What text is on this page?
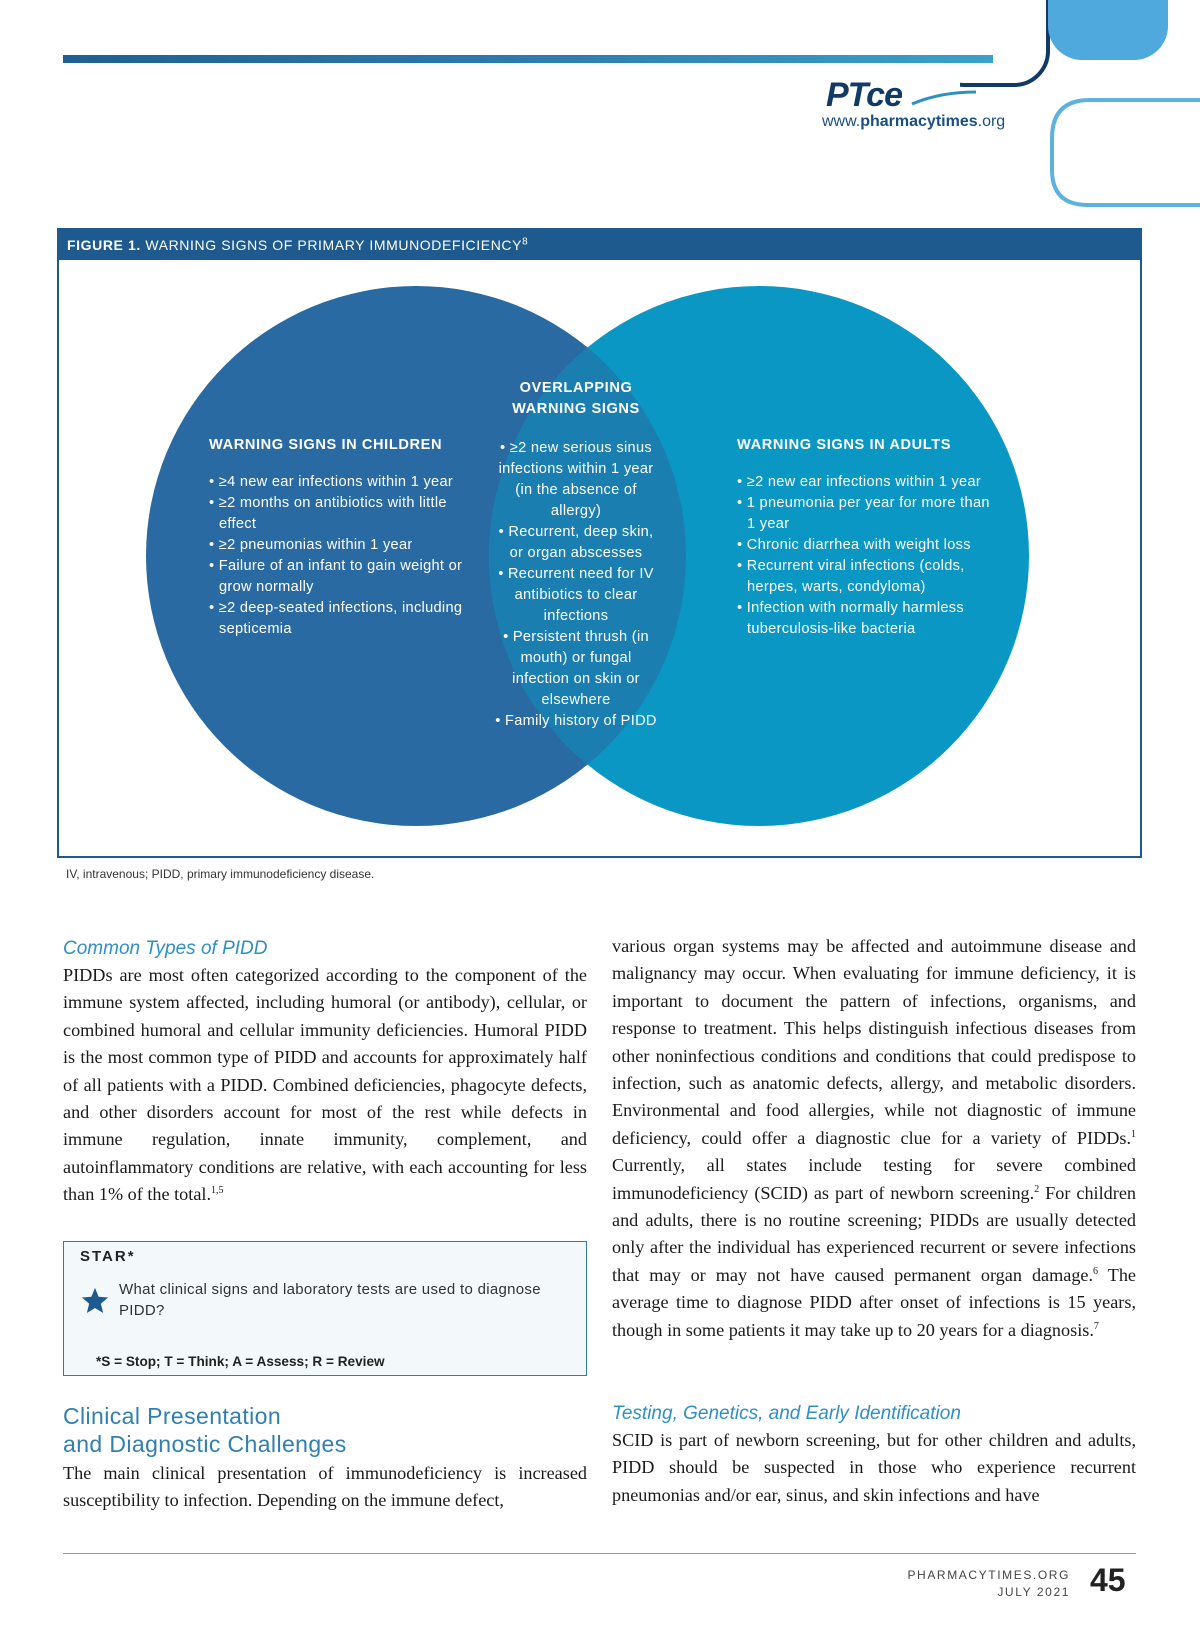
PTce
www.pharmacytimes.org
FIGURE 1. WARNING SIGNS OF PRIMARY IMMUNODEFICIENCY$^8$
WARNING SIGNS IN CHILDREN
• ≥4 new ear infections within 1 year
• ≥2 months on antibiotics with little effect
• ≥2 pneumonias within 1 year
• Failure of an infant to gain weight or grow normally
• ≥2 deep-seated infections, including septicemia
OVERLAPPING
WARNING SIGNS
• ≥2 new serious sinus infections within 1 year (in the absence of allergy)
• Recurrent, deep skin, or organ abscesses
• Recurrent need for IV antibiotics to clear infections
• Persistent thrush (in mouth) or fungal infection on skin or elsewhere
• Family history of PIDD
WARNING SIGNS IN ADULTS
• ≥2 new ear infections within 1 year
• 1 pneumonia per year for more than 1 year
• Chronic diarrhea with weight loss
• Recurrent viral infections (colds, herpes, warts, condyloma)
• Infection with normally harmless tuberculosis-like bacteria
IV, intravenous; PIDD, primary immunodeficiency disease.
Common Types of PIDD
PIDDs are most often categorized according to the component of the immune system affected, including humoral (or antibody), cellular, or combined humoral and cellular immunity deficiencies. Humoral PIDD is the most common type of PIDD and accounts for approximately half of all patients with a PIDD. Combined deficiencies, phagocyte defects, and other disorders account for most of the rest while defects in immune regulation, innate immunity, complement, and autoinflammatory conditions are relative, with each accounting for less than 1% of the total.$^{1,5}$
STAR*
What clinical signs and laboratory tests are used to diagnose PIDD?
*S = Stop; T = Think; A = Assess; R = Review
Clinical Presentation
and Diagnostic Challenges
The main clinical presentation of immunodeficiency is increased susceptibility to infection. Depending on the immune defect,
various organ systems may be affected and autoimmune disease and malignancy may occur. When evaluating for immune deficiency, it is important to document the pattern of infections, organisms, and response to treatment. This helps distinguish infectious diseases from other noninfectious conditions and conditions that could predispose to infection, such as anatomic defects, allergy, and metabolic disorders. Environmental and food allergies, while not diagnostic of immune deficiency, could offer a diagnostic clue for a variety of PIDDs.$^1$ Currently, all states include testing for severe combined immunodeficiency (SCID) as part of newborn screening.$^2$ For children and adults, there is no routine screening; PIDDs are usually detected only after the individual has experienced recurrent or severe infections that may or may not have caused permanent organ damage.$^6$ The average time to diagnose PIDD after onset of infections is 15 years, though in some patients it may take up to 20 years for a diagnosis.$^7$
Testing, Genetics, and Early Identification
SCID is part of newborn screening, but for other children and adults, PIDD should be suspected in those who experience recurrent pneumonias and/or ear, sinus, and skin infections and have
PHARMACYTIMES.ORG
JULY 2021 45
